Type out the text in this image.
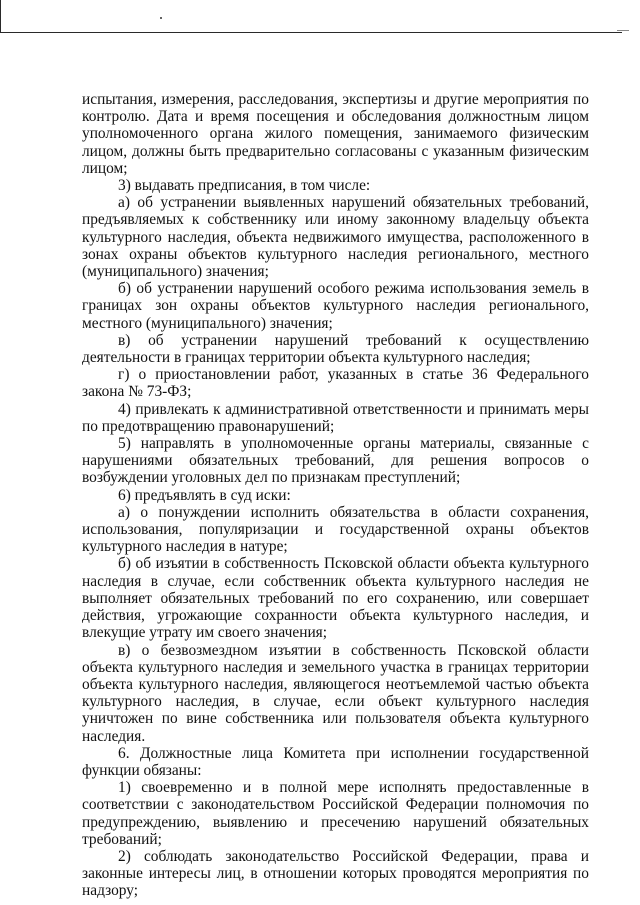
испытания, измерения, расследования, экспертизы и другие мероприятия по контролю. Дата и время посещения и обследования должностным лицом уполномоченного органа жилого помещения, занимаемого физическим лицом, должны быть предварительно согласованы с указанным физическим лицом;

3) выдавать предписания, в том числе:

а) об устранении выявленных нарушений обязательных требований, предъявляемых к собственнику или иному законному владельцу объекта культурного наследия, объекта недвижимого имущества, расположенного в зонах охраны объектов культурного наследия регионального, местного (муниципального) значения;

б) об устранении нарушений особого режима использования земель в границах зон охраны объектов культурного наследия регионального, местного (муниципального) значения;

в) об устранении нарушений требований к осуществлению деятельности в границах территории объекта культурного наследия;

г) о приостановлении работ, указанных в статье 36 Федерального закона № 73-ФЗ;

4) привлекать к административной ответственности и принимать меры по предотвращению правонарушений;

5) направлять в уполномоченные органы материалы, связанные с нарушениями обязательных требований, для решения вопросов о возбуждении уголовных дел по признакам преступлений;

6) предъявлять в суд иски:

а) о понуждении исполнить обязательства в области сохранения, использования, популяризации и государственной охраны объектов культурного наследия в натуре;

б) об изъятии в собственность Псковской области объекта культурного наследия в случае, если собственник объекта культурного наследия не выполняет обязательных требований по его сохранению, или совершает действия, угрожающие сохранности объекта культурного наследия, и влекущие утрату им своего значения;

в) о безвозмездном изъятии в собственность Псковской области объекта культурного наследия и земельного участка в границах территории объекта культурного наследия, являющегося неотъемлемой частью объекта культурного наследия, в случае, если объект культурного наследия уничтожен по вине собственника или пользователя объекта культурного наследия.

6. Должностные лица Комитета при исполнении государственной функции обязаны:

1) своевременно и в полной мере исполнять предоставленные в соответствии с законодательством Российской Федерации полномочия по предупреждению, выявлению и пресечению нарушений обязательных требований;

2) соблюдать законодательство Российской Федерации, права и законные интересы лиц, в отношении которых проводятся мероприятия по надзору;
